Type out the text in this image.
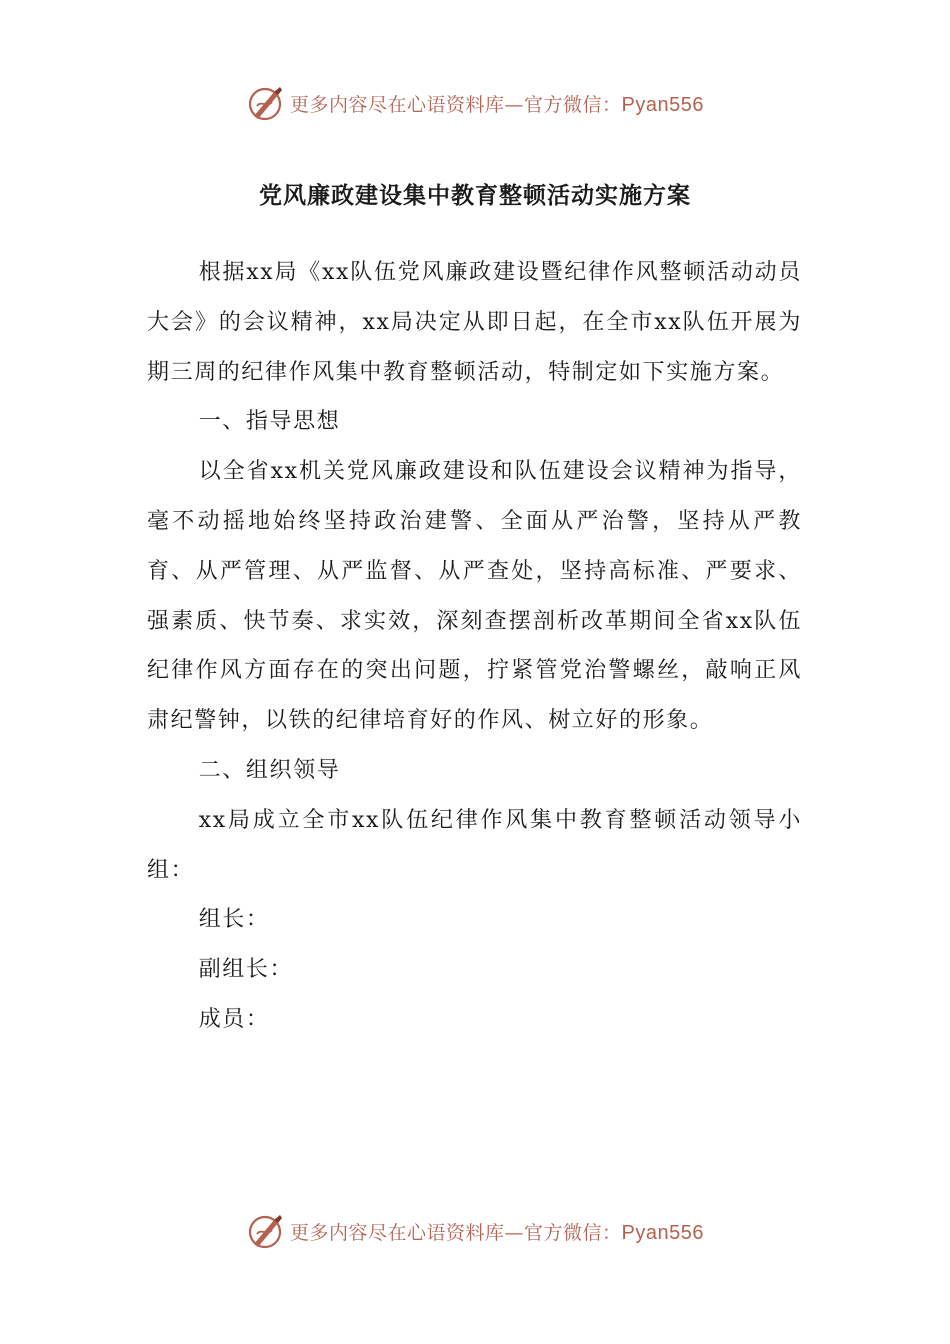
更多内容尽在心语资料库—官方微信：Pyan556
党风廉政建设集中教育整顿活动实施方案

根据xx局《xx队伍党风廉政建设暨纪律作风整顿活动动员大会》的会议精神，xx局决定从即日起，在全市xx队伍开展为期三周的纪律作风集中教育整顿活动，特制定如下实施方案。

一、指导思想

以全省xx机关党风廉政建设和队伍建设会议精神为指导，毫不动摇地始终坚持政治建警、全面从严治警，坚持从严教育、从严管理、从严监督、从严查处，坚持高标准、严要求、强素质、快节奏、求实效，深刻查摆剖析改革期间全省xx队伍纪律作风方面存在的突出问题，拧紧管党治警螺丝，敲响正风肃纪警钟，以铁的纪律培育好的作风、树立好的形象。

二、组织领导

xx局成立全市xx队伍纪律作风集中教育整顿活动领导小组：

组长：

副组长：

成员：

更多内容尽在心语资料库—官方微信：Pyan556
